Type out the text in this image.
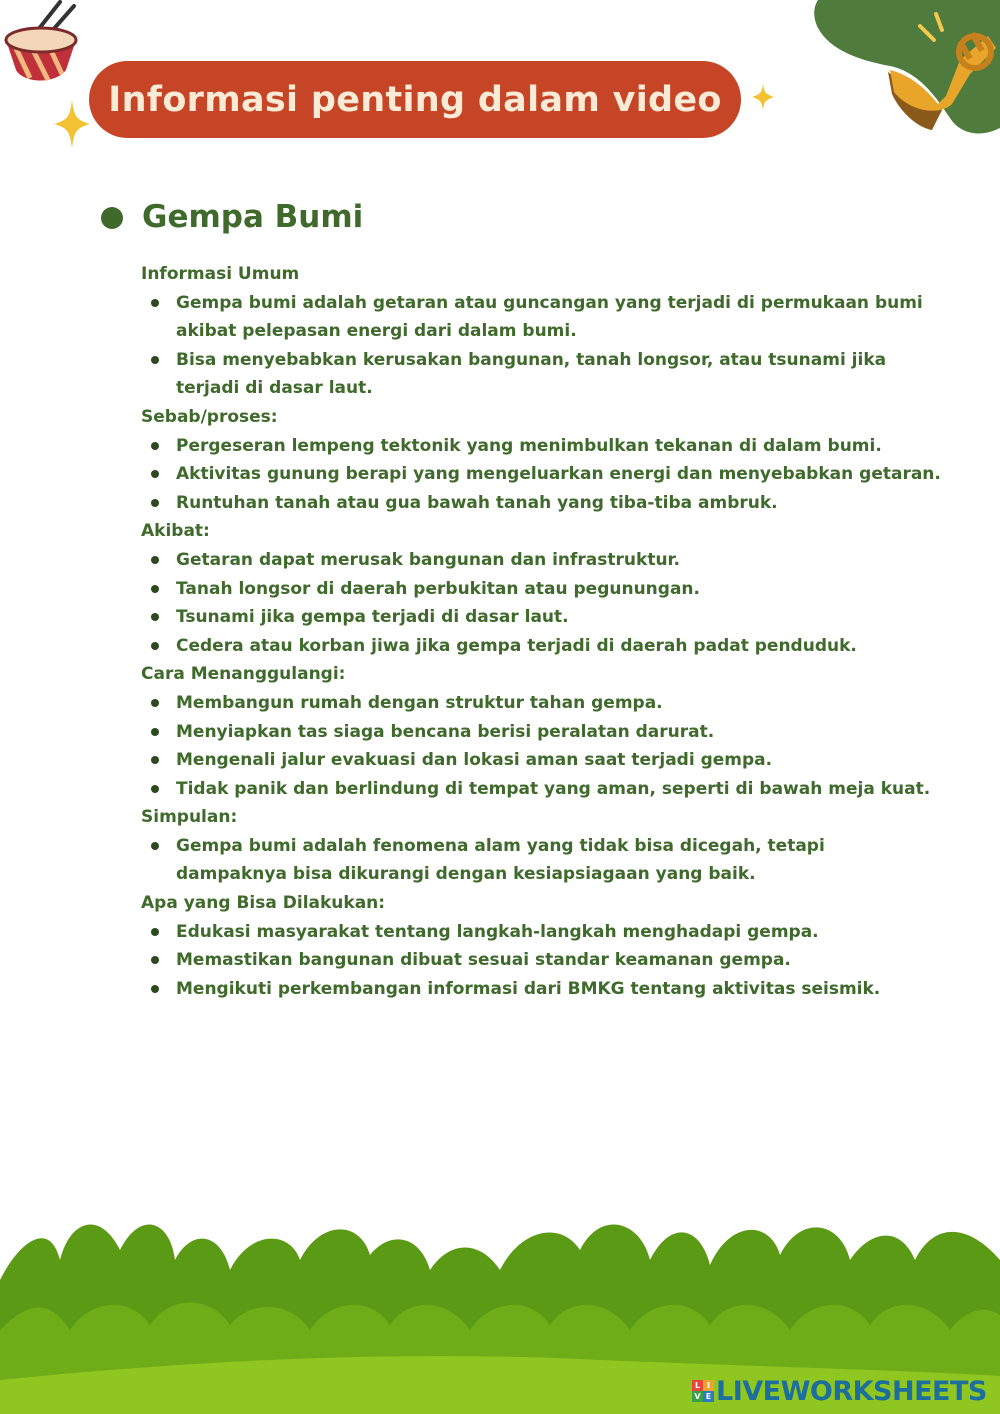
Informasi penting dalam video
Gempa Bumi
Informasi Umum
Gempa bumi adalah getaran atau guncangan yang terjadi di permukaan bumi akibat pelepasan energi dari dalam bumi.
Bisa menyebabkan kerusakan bangunan, tanah longsor, atau tsunami jika terjadi di dasar laut.
Sebab/proses:
Pergeseran lempeng tektonik yang menimbulkan tekanan di dalam bumi.
Aktivitas gunung berapi yang mengeluarkan energi dan menyebabkan getaran.
Runtuhan tanah atau gua bawah tanah yang tiba-tiba ambruk.
Akibat:
Getaran dapat merusak bangunan dan infrastruktur.
Tanah longsor di daerah perbukitan atau pegunungan.
Tsunami jika gempa terjadi di dasar laut.
Cedera atau korban jiwa jika gempa terjadi di daerah padat penduduk.
Cara Menanggulangi:
Membangun rumah dengan struktur tahan gempa.
Menyiapkan tas siaga bencana berisi peralatan darurat.
Mengenali jalur evakuasi dan lokasi aman saat terjadi gempa.
Tidak panik dan berlindung di tempat yang aman, seperti di bawah meja kuat.
Simpulan:
Gempa bumi adalah fenomena alam yang tidak bisa dicegah, tetapi dampaknya bisa dikurangi dengan kesiapsiagaan yang baik.
Apa yang Bisa Dilakukan:
Edukasi masyarakat tentang langkah-langkah menghadapi gempa.
Memastikan bangunan dibuat sesuai standar keamanan gempa.
Mengikuti perkembangan informasi dari BMKG tentang aktivitas seismik.
L I
V E LIVEWORKSHEETS
